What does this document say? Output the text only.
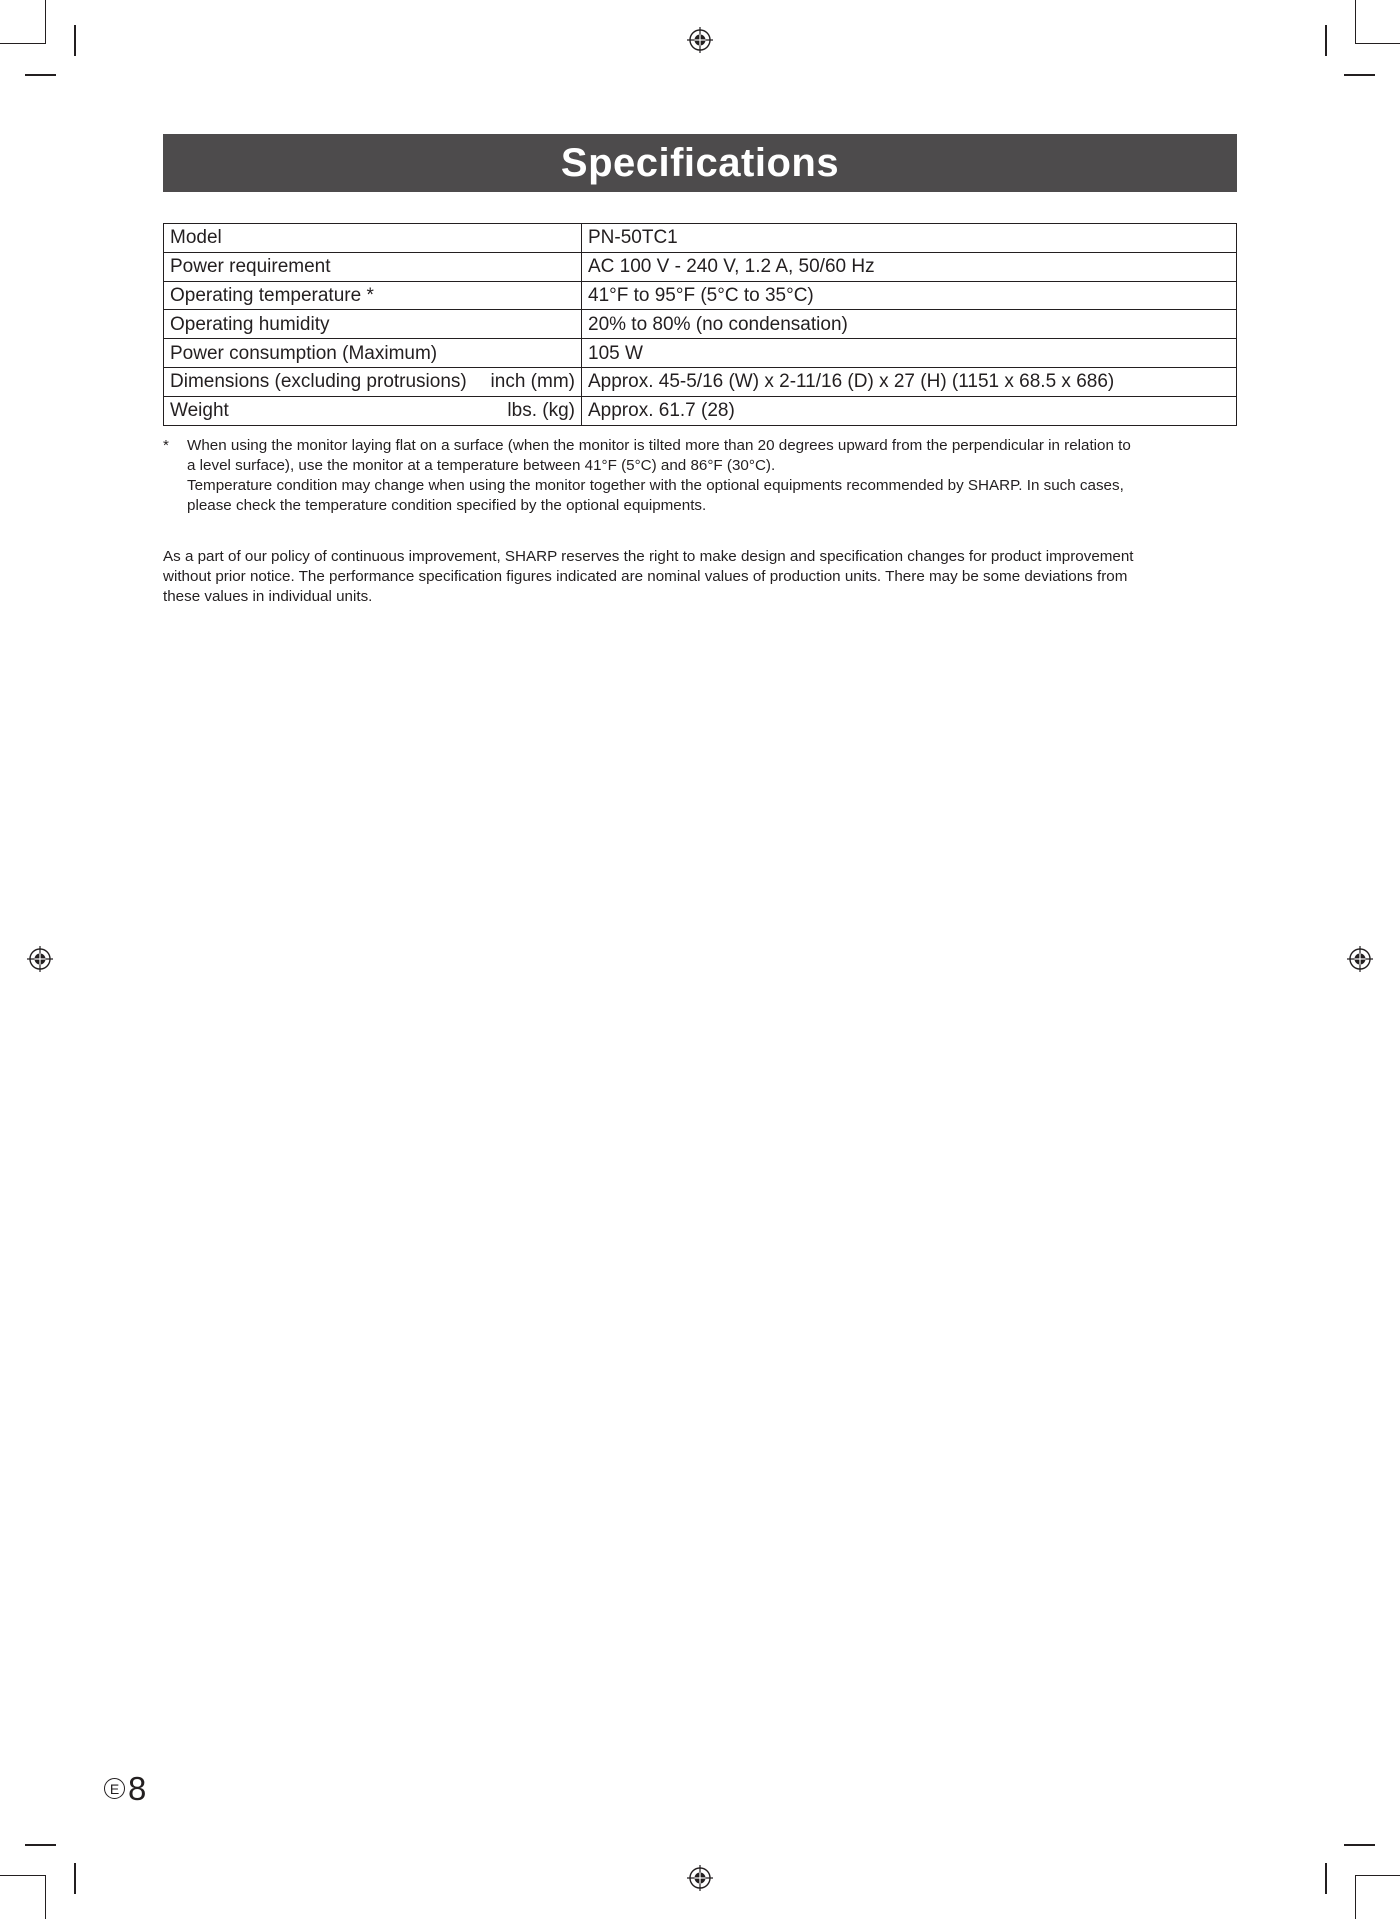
Specifications
Model	PN-50TC1

Power requirement	AC 100 V - 240 V, 1.2 A, 50/60 Hz

Operating temperature *	41°F to 95°F (5°C to 35°C)

Operating humidity	20% to 80% (no condensation)

Power consumption (Maximum)	105 W

Dimensions (excluding protrusions) inch (mm)	Approx. 45-5/16 (W) x 2-11/16 (D) x 27 (H) (1151 x 68.5 x 686)

Weight lbs. (kg)	Approx. 61.7 (28)
*	When using the monitor laying flat on a surface (when the monitor is tilted more than 20 degrees upward from the perpendicular in relation to
a level surface), use the monitor at a temperature between 41°F (5°C) and 86°F (30°C).
Temperature condition may change when using the monitor together with the optional equipments recommended by SHARP. In such cases,
please check the temperature condition specified by the optional equipments.
As a part of our policy of continuous improvement, SHARP reserves the right to make design and specification changes for product improvement
without prior notice. The performance specification figures indicated are nominal values of production units. There may be some deviations from
these values in individual units.
E 8
